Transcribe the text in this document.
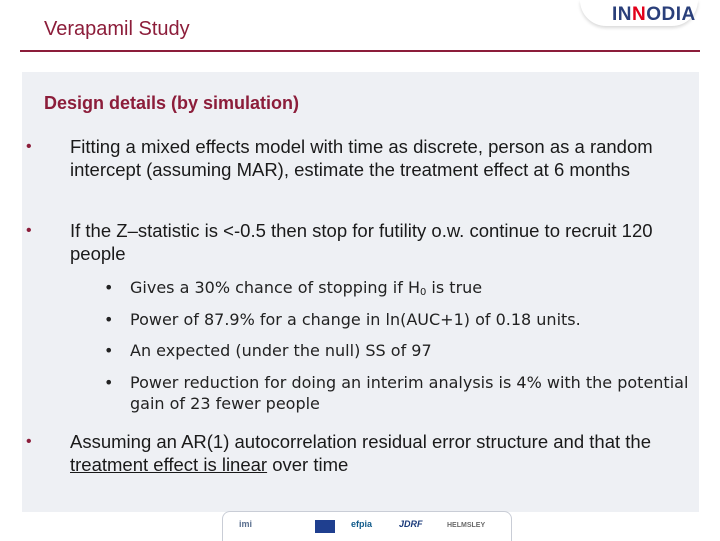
Verapamil Study
INNODIA
Design details (by simulation)
• Fitting a mixed effects model with time as discrete, person as a random intercept (assuming MAR), estimate the treatment effect at 6 months
• If the Z–statistic is <-0.5 then stop for futility o.w. continue to recruit 120 people
• Gives a 30% chance of stopping if $H_0$ is true
• Power of 87.9% for a change in ln(AUC+1) of 0.18 units.
• An expected (under the null) SS of 97
• Power reduction for doing an interim analysis is 4% with the potential gain of 23 fewer people
• Assuming an AR(1) autocorrelation residual error structure and that the treatment effect is linear over time
imi	efpia	JDRF	HELMSLEY
